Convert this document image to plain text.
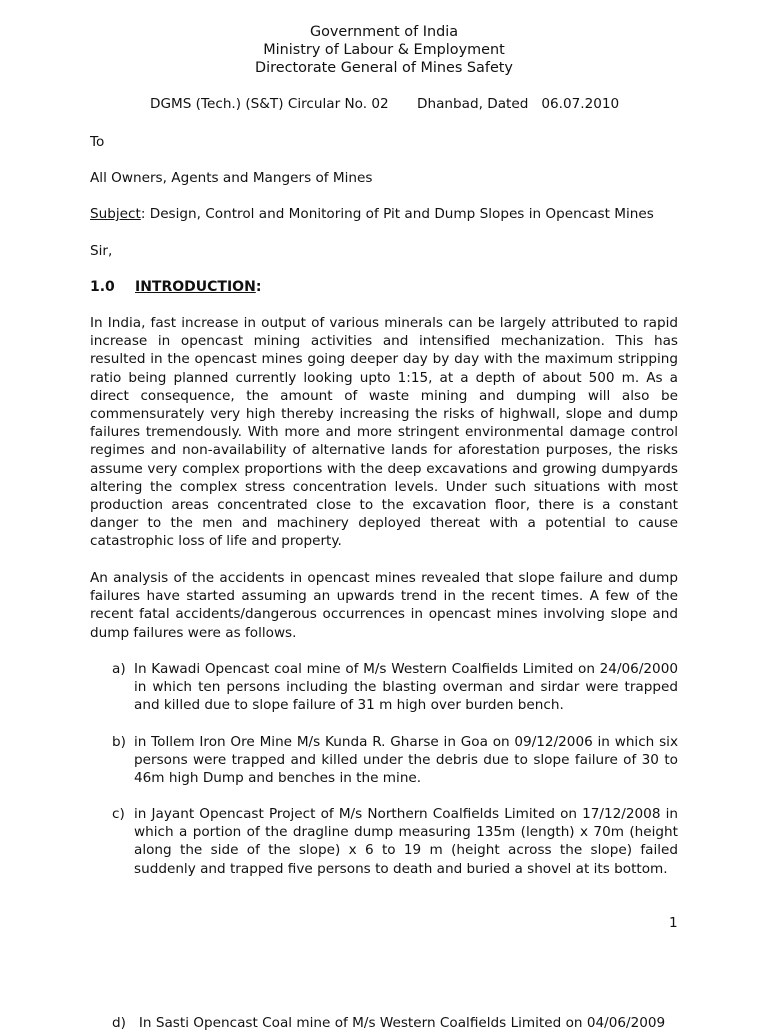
Government of India
Ministry of Labour & Employment
Directorate General of Mines Safety
DGMS (Tech.) (S&T) Circular No. 02 Dhanbad, Dated   06.07.2010
To
All Owners, Agents and Mangers of Mines
Subject: Design, Control and Monitoring of Pit and Dump Slopes in Opencast Mines
Sir,
1.0 INTRODUCTION:
In India, fast increase in output of various minerals can be largely attributed to rapid increase in opencast mining activities and intensified mechanization. This has resulted in the opencast mines going deeper day by day with the maximum stripping ratio being planned currently looking upto 1:15, at a depth of about 500 m. As a direct consequence, the amount of waste mining and dumping will also be commensurately very high thereby increasing the risks of highwall, slope and dump failures tremendously. With more and more stringent environmental damage control regimes and non-availability of alternative lands for aforestation purposes, the risks assume very complex proportions with the deep excavations and growing dumpyards altering the complex stress concentration levels. Under such situations with most production areas concentrated close to the excavation floor, there is a constant danger to the men and machinery deployed thereat with a potential to cause catastrophic loss of life and property.
An analysis of the accidents in opencast mines revealed that slope failure and dump failures have started assuming an upwards trend in the recent times. A few of the recent fatal accidents/dangerous occurrences in opencast mines involving slope and dump failures were as follows.
a) In Kawadi Opencast coal mine of M/s Western Coalfields Limited on 24/06/2000 in which ten persons including the blasting overman and sirdar were trapped and killed due to slope failure of 31 m high over burden bench.
b) in Tollem Iron Ore Mine M/s Kunda R. Gharse in Goa on 09/12/2006 in which six persons were trapped and killed under the debris due to slope failure of 30 to 46m high Dump and benches in the mine.
c) in Jayant Opencast Project of M/s Northern Coalfields Limited on 17/12/2008 in which a portion of the dragline dump measuring 135m (length) x 70m (height along the side of the slope) x 6 to 19 m (height across the slope) failed suddenly and trapped five persons to death and buried a shovel at its bottom.
1
d)   In Sasti Opencast Coal mine of M/s Western Coalfields Limited on 04/06/2009
